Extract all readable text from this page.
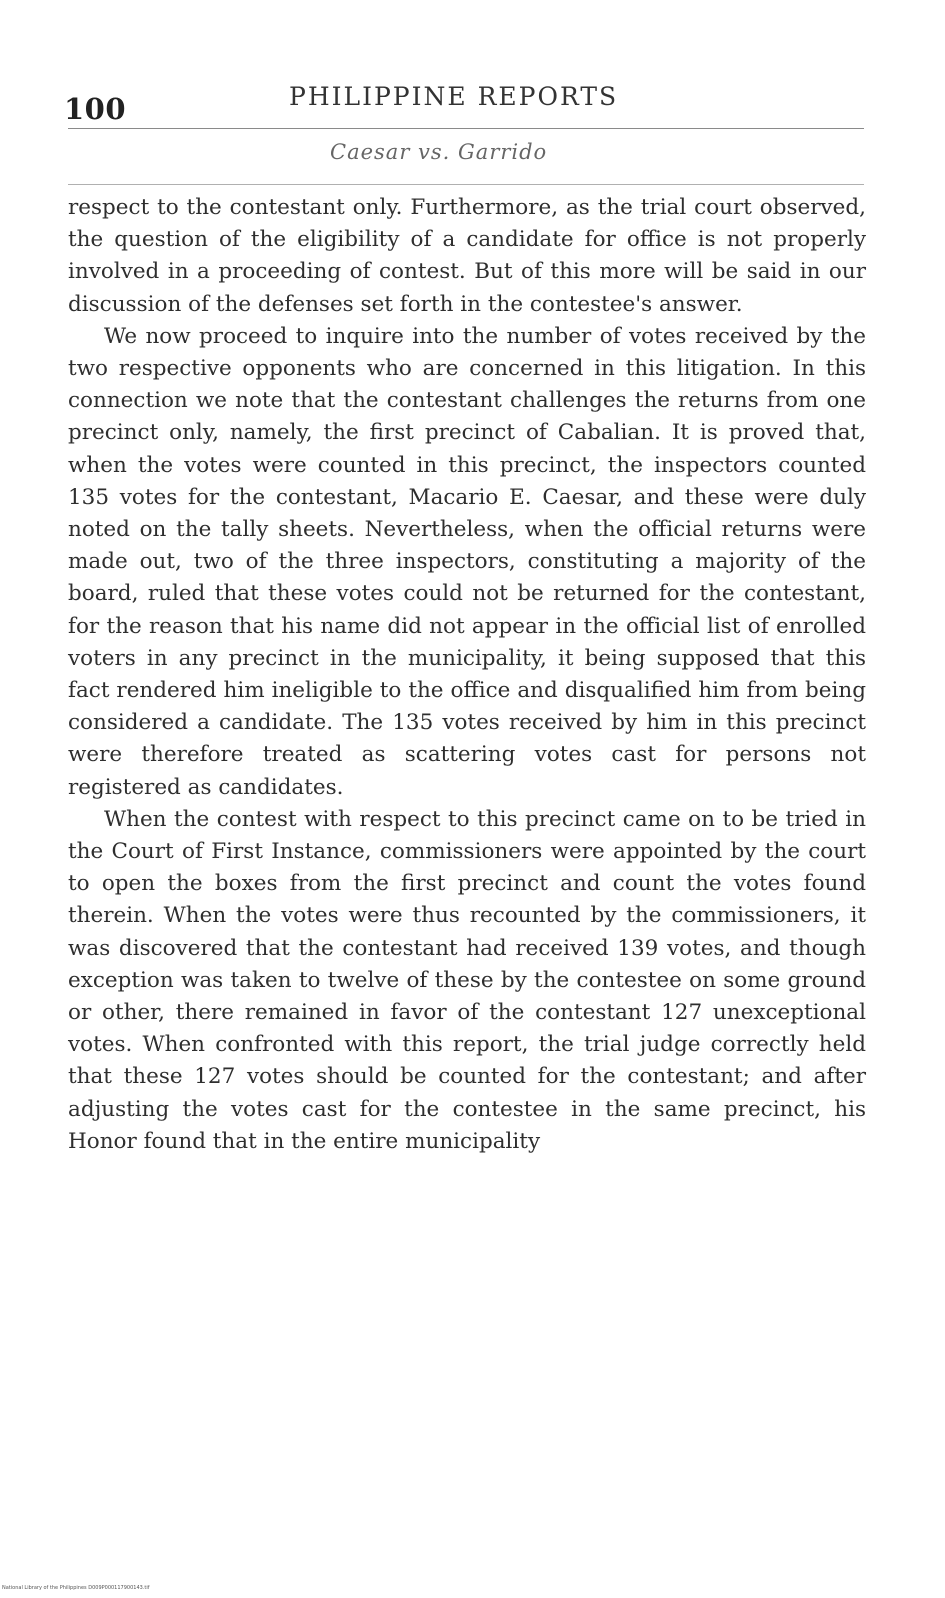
100	PHILIPPINE REPORTS
Caesar vs. Garrido

respect to the contestant only. Furthermore, as the trial court observed, the question of the eligibility of a candidate for office is not properly involved in a proceeding of contest. But of this more will be said in our discussion of the defenses set forth in the contestee's answer.

We now proceed to inquire into the number of votes received by the two respective opponents who are concerned in this litigation. In this connection we note that the contestant challenges the returns from one precinct only, namely, the first precinct of Cabalian. It is proved that, when the votes were counted in this precinct, the inspectors counted 135 votes for the contestant, Macario E. Caesar, and these were duly noted on the tally sheets. Nevertheless, when the official returns were made out, two of the three inspectors, constituting a majority of the board, ruled that these votes could not be returned for the contestant, for the reason that his name did not appear in the official list of enrolled voters in any precinct in the municipality, it being supposed that this fact rendered him ineligible to the office and disqualified him from being considered a candidate. The 135 votes received by him in this precinct were therefore treated as scattering votes cast for persons not registered as candidates.

When the contest with respect to this precinct came on to be tried in the Court of First Instance, commissioners were appointed by the court to open the boxes from the first precinct and count the votes found therein. When the votes were thus recounted by the commissioners, it was discovered that the contestant had received 139 votes, and though exception was taken to twelve of these by the contestee on some ground or other, there remained in favor of the contestant 127 unexceptional votes. When confronted with this report, the trial judge correctly held that these 127 votes should be counted for the contestant; and after adjusting the votes cast for the contestee in the same precinct, his Honor found that in the entire municipality

National Library of the Philippines D009P00011790014​3.tif
